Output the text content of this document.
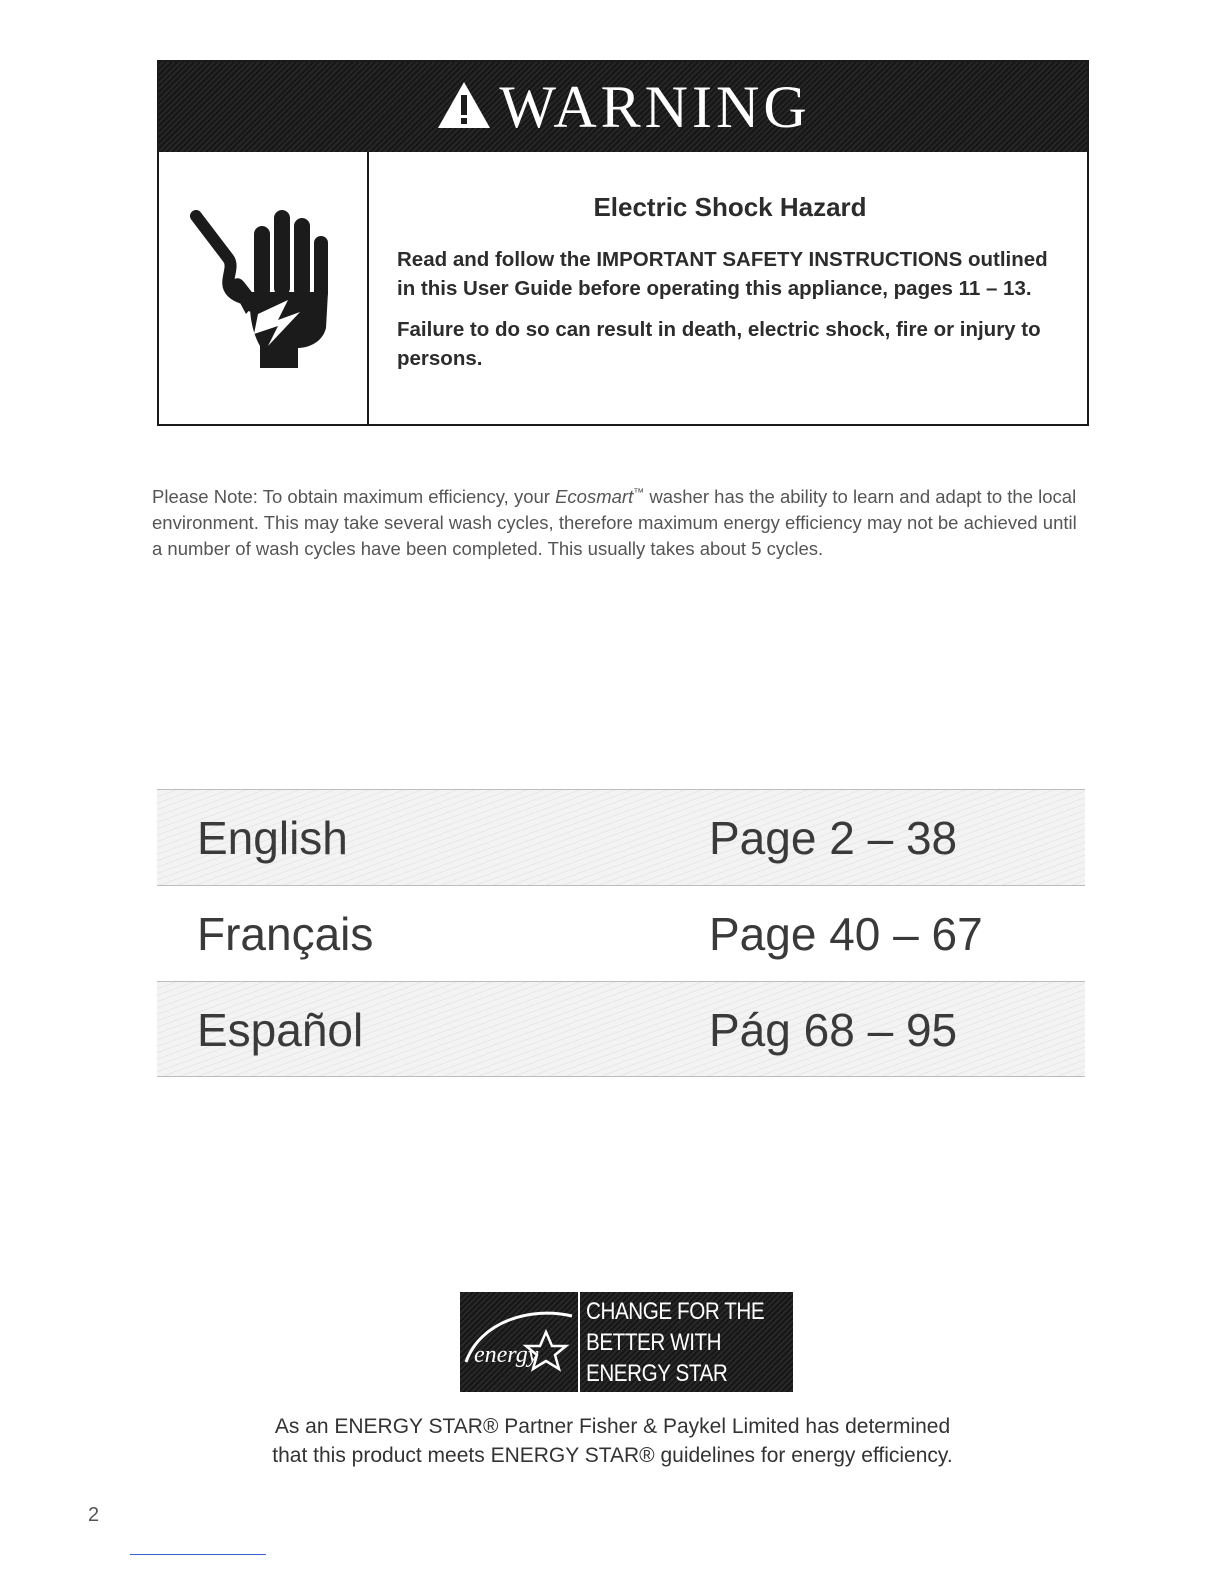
WARNING
Electric Shock Hazard

Read and follow the IMPORTANT SAFETY INSTRUCTIONS outlined in this User Guide before operating this appliance, pages 11 – 13.

Failure to do so can result in death, electric shock, fire or injury to persons.

Please Note: To obtain maximum efficiency, your Ecosmart™ washer has the ability to learn and adapt to the local environment. This may take several wash cycles, therefore maximum energy efficiency may not be achieved until a number of wash cycles have been completed. This usually takes about 5 cycles.
English	Page 2 – 38
Français	Page 40 – 67
Español	Pág 68 – 95
energy
CHANGE FOR THE
BETTER WITH
ENERGY STAR
As an ENERGY STAR® Partner Fisher & Paykel Limited has determined
that this product meets ENERGY STAR® guidelines for energy efficiency.
2
